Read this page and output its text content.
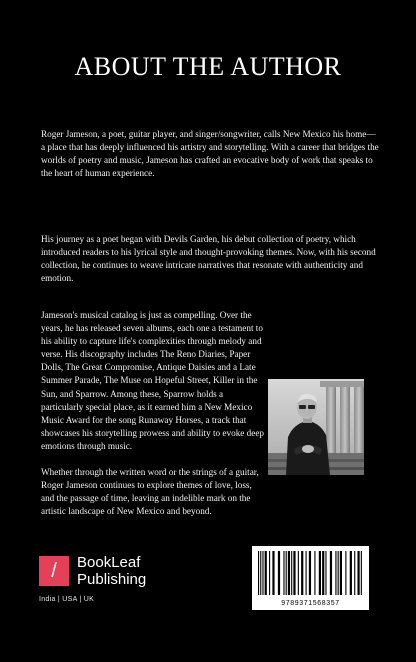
ABOUT THE AUTHOR

Roger Jameson, a poet, guitar player, and singer/songwriter, calls New Mexico his home—a place that has deeply influenced his artistry and storytelling. With a career that bridges the worlds of poetry and music, Jameson has crafted an evocative body of work that speaks to the heart of human experience.

His journey as a poet began with Devils Garden, his debut collection of poetry, which introduced readers to his lyrical style and thought-provoking themes. Now, with his second collection, he continues to weave intricate narratives that resonate with authenticity and emotion.

Jameson's musical catalog is just as compelling. Over the years, he has released seven albums, each one a testament to his ability to capture life's complexities through melody and verse. His discography includes The Reno Diaries, Paper Dolls, The Great Compromise, Antique Daisies and a Late Summer Parade, The Muse on Hopeful Street, Killer in the Sun, and Sparrow. Among these, Sparrow holds a particularly special place, as it earned him a New Mexico Music Award for the song Runaway Horses, a track that showcases his storytelling prowess and ability to evoke deep emotions through music.

Whether through the written word or the strings of a guitar, Roger Jameson continues to explore themes of love, loss, and the passage of time, leaving an indelible mark on the artistic landscape of New Mexico and beyond.

/	BookLeaf
Publishing
India | USA | UK
9789371568357
